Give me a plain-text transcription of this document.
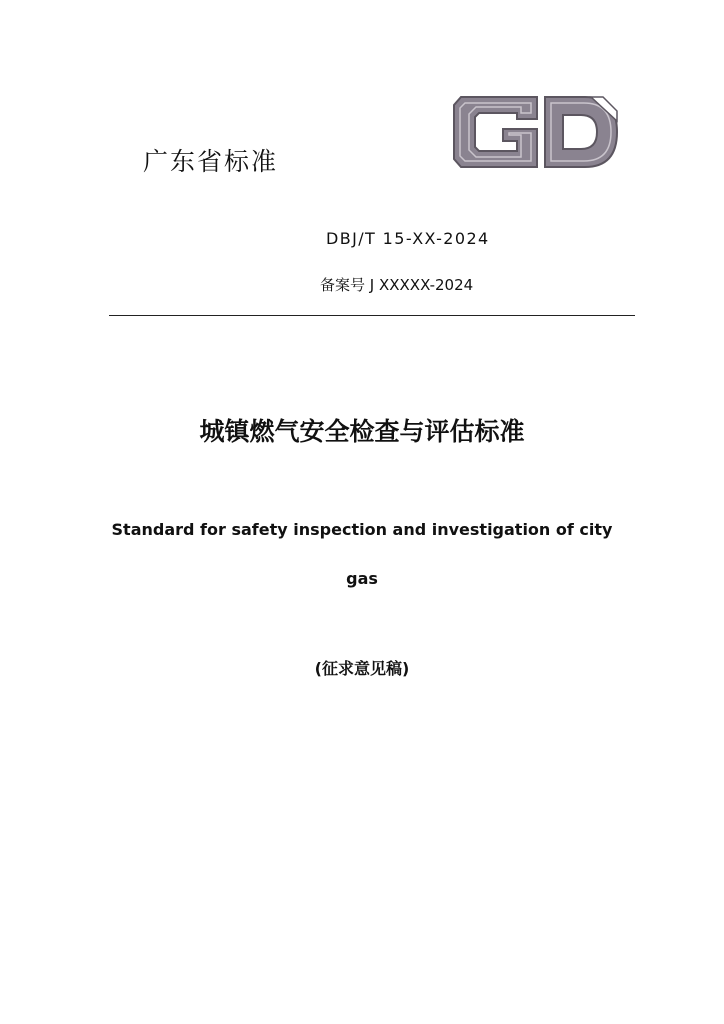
广东省标准
DBJ/T 15-XX-2024
备案号 J XXXXX-2024
城镇燃气安全检查与评估标准
Standard for safety inspection and investigation of city
gas
(征求意见稿)
